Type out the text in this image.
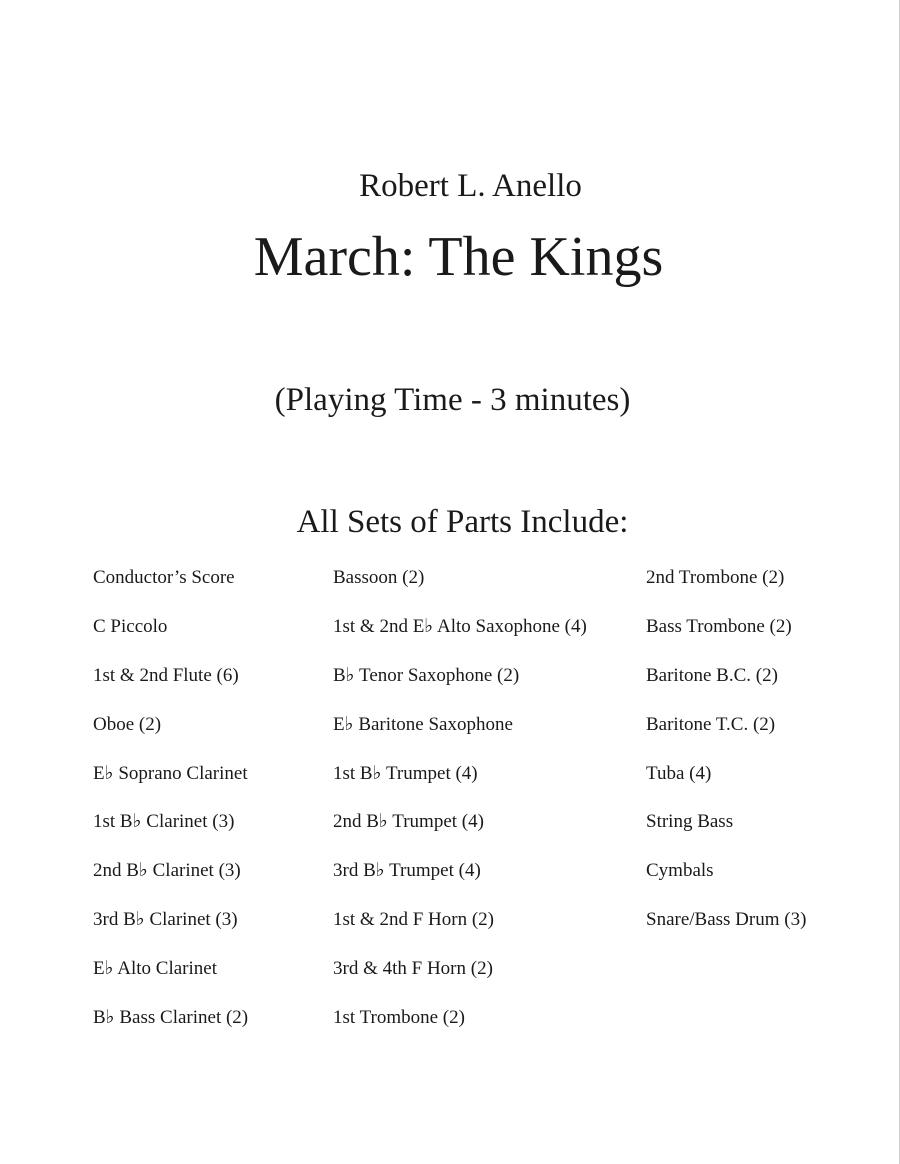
Robert L. Anello
March: The Kings
(Playing Time - 3 minutes)
All Sets of Parts Include:
Conductor’s Score
C Piccolo
1st & 2nd Flute (6)
Oboe (2)
E♭ Soprano Clarinet
1st B♭ Clarinet (3)
2nd B♭ Clarinet (3)
3rd B♭ Clarinet (3)
E♭ Alto Clarinet
B♭ Bass Clarinet (2)
Bassoon (2)
1st & 2nd E♭ Alto Saxophone (4)
B♭ Tenor Saxophone (2)
E♭ Baritone Saxophone
1st B♭ Trumpet (4)
2nd B♭ Trumpet (4)
3rd B♭ Trumpet (4)
1st & 2nd F Horn (2)
3rd & 4th F Horn (2)
1st Trombone (2)
2nd Trombone (2)
Bass Trombone (2)
Baritone B.C. (2)
Baritone T.C. (2)
Tuba (4)
String Bass
Cymbals
Snare/Bass Drum (3)
